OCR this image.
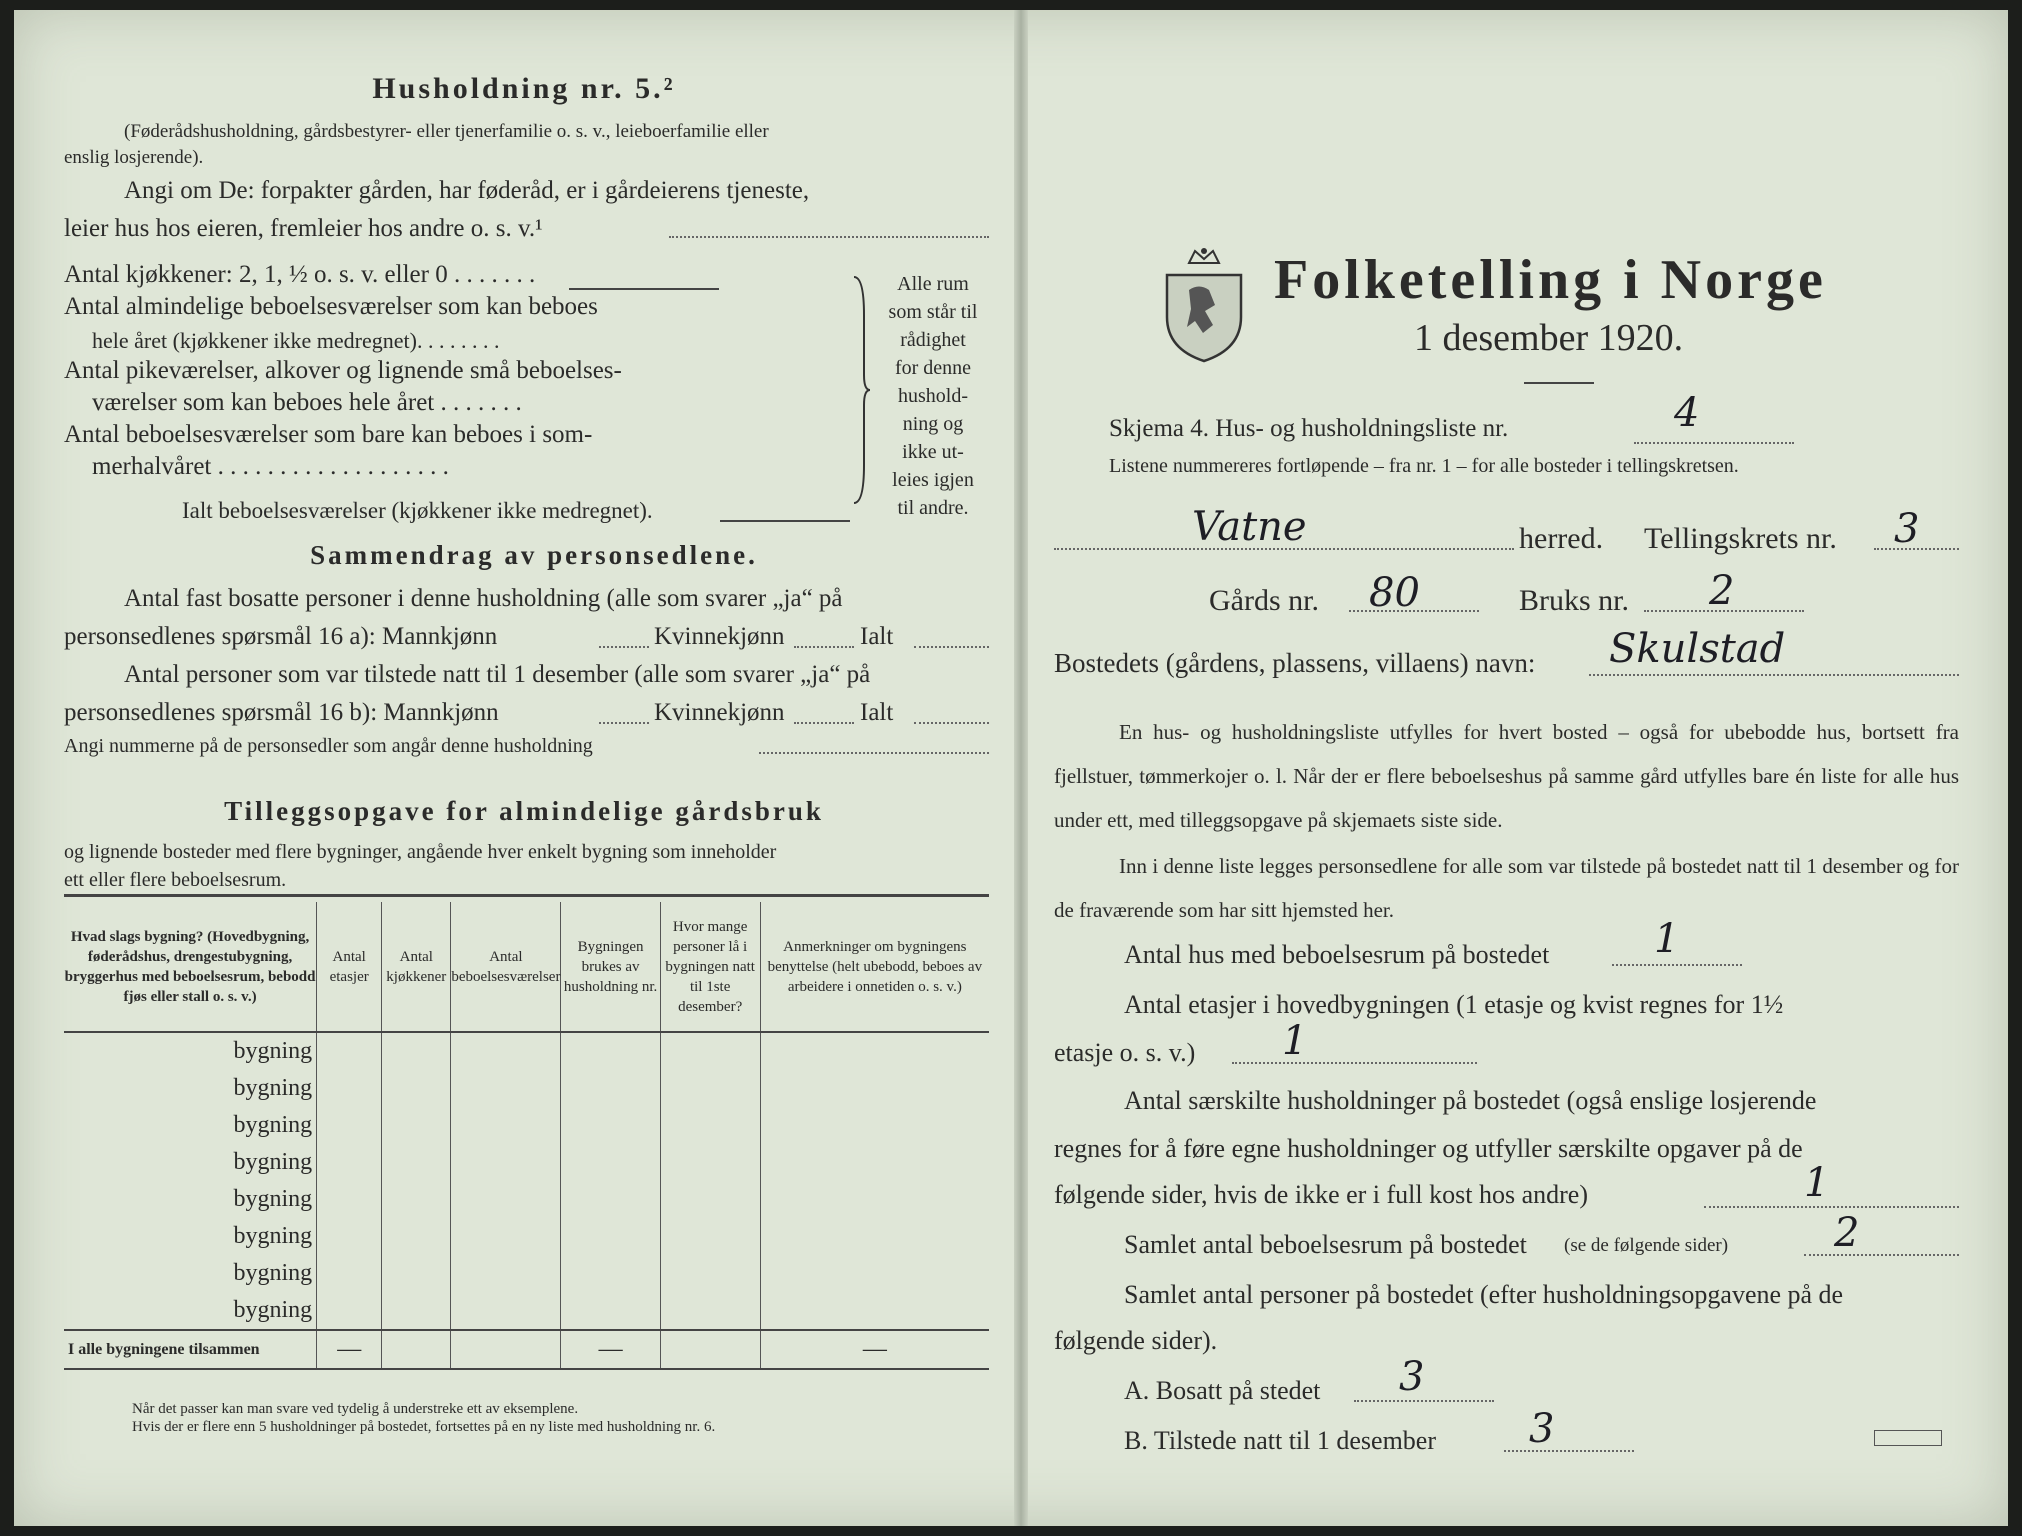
Husholdning nr. 5.²
(Føderådshusholdning, gårdsbestyrer- eller tjenerfamilie o. s. v., leieboerfamilie eller
enslig losjerende).
Angi om De: forpakter gården, har føderåd, er i gårdeierens tjeneste,
leier hus hos eieren, fremleier hos andre o. s. v.¹
Antal kjøkkener: 2, 1, ½ o. s. v. eller 0 . . . . . . .
Antal almindelige beboelsesværelser som kan beboes
hele året (kjøkkener ikke medregnet). . . . . . . .
Antal pikeværelser, alkover og lignende små beboelses-
værelser som kan beboes hele året . . . . . . .
Antal beboelsesværelser som bare kan beboes i som-
merhalvåret . . . . . . . . . . . . . . . . . . .
Ialt beboelsesværelser (kjøkkener ikke medregnet).
Alle rum
som står til
rådighet
for denne
hushold-
ning og
ikke ut-
leies igjen
til andre.
Sammendrag av personsedlene.
Antal fast bosatte personer i denne husholdning (alle som svarer „ja“ på
personsedlenes spørsmål 16 a): Mannkjønn	Kvinnekjønn	Ialt
Antal personer som var tilstede natt til 1 desember (alle som svarer „ja“ på
personsedlenes spørsmål 16 b): Mannkjønn	Kvinnekjønn	Ialt
Angi nummerne på de personsedler som angår denne husholdning
Tilleggsopgave for almindelige gårdsbruk
og lignende bosteder med flere bygninger, angående hver enkelt bygning som inneholder
ett eller flere beboelsesrum.
Hvad slags bygning? (Hovedbygning, føderådshus, drengestubygning, bryggerhus med beboelsesrum, bebodd fjøs eller stall o. s. v.)	Antal etasjer	Antal kjøkkener	Antal beboelsesværelser	Bygningen brukes av husholdning nr.	Hvor mange personer lå i bygningen natt til 1ste desember?	Anmerkninger om bygningens benyttelse (helt ubebodd, beboes av arbeidere i onnetiden o. s. v.)
bygning						
bygning						
bygning						
bygning						
bygning						
bygning						
bygning						
bygning						
I alle bygningene tilsammen	—			—		—
Når det passer kan man svare ved tydelig å understreke ett av eksemplene.
Hvis der er flere enn 5 husholdninger på bostedet, fortsettes på en ny liste med husholdning nr. 6.
Folketelling i Norge
1 desember 1920.
Skjema 4. Hus- og husholdningsliste nr.	4
Listene nummereres fortløpende – fra nr. 1 – for alle bosteder i tellingskretsen.
Vatne	herred.	Tellingskrets nr.	3
Gårds nr.	80	Bruks nr.	2
Bostedets (gårdens, plassens, villaens) navn:	Skulstad
En hus- og husholdningsliste utfylles for hvert bosted – også for ubebodde hus, bortsett fra fjellstuer, tømmerkojer o. l. Når der er flere beboelseshus på samme gård utfylles bare én liste for alle hus under ett, med tilleggsopgave på skjemaets siste side.
Inn i denne liste legges personsedlene for alle som var tilstede på bostedet natt til 1 desember og for de fraværende som har sitt hjemsted her.
Antal hus med beboelsesrum på bostedet	1
Antal etasjer i hovedbygningen (1 etasje og kvist regnes for 1½
etasje o. s. v.)	1
Antal særskilte husholdninger på bostedet (også enslige losjerende
regnes for å føre egne husholdninger og utfyller særskilte opgaver på de
følgende sider, hvis de ikke er i full kost hos andre)	1
Samlet antal beboelsesrum på bostedet	(se de følgende sider)	2
Samlet antal personer på bostedet (efter husholdningsopgavene på de
følgende sider).
A. Bosatt på stedet	3
B. Tilstede natt til 1 desember	3
